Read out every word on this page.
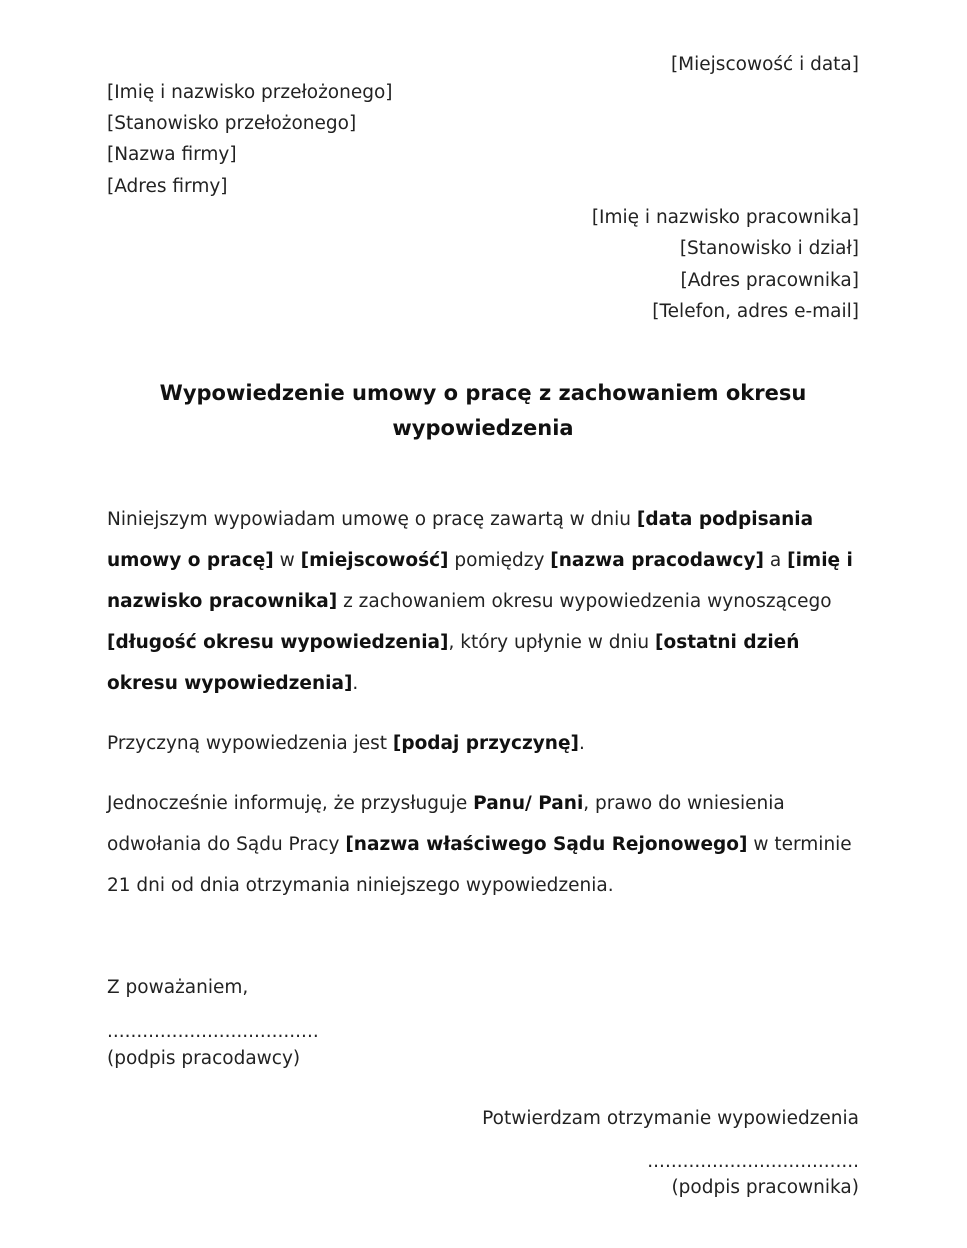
[Miejscowość i data]
[Imię i nazwisko przełożonego]
[Stanowisko przełożonego]
[Nazwa firmy]
[Adres firmy]
[Imię i nazwisko pracownika]
[Stanowisko i dział]
[Adres pracownika]
[Telefon, adres e-mail]
Wypowiedzenie umowy o pracę z zachowaniem okresu
wypowiedzenia
Niniejszym wypowiadam umowę o pracę zawartą w dniu [data podpisania umowy o pracę] w [miejscowość] pomiędzy [nazwa pracodawcy] a [imię i nazwisko pracownika] z zachowaniem okresu wypowiedzenia wynoszącego [długość okresu wypowiedzenia], który upłynie w dniu [ostatni dzień okresu wypowiedzenia].
Przyczyną wypowiedzenia jest [podaj przyczynę].
Jednocześnie informuję, że przysługuje Panu/ Pani, prawo do wniesienia odwołania do Sądu Pracy [nazwa właściwego Sądu Rejonowego] w terminie 21 dni od dnia otrzymania niniejszego wypowiedzenia.
Z poważaniem,
....................................
(podpis pracodawcy)
Potwierdzam otrzymanie wypowiedzenia
....................................
(podpis pracownika)
